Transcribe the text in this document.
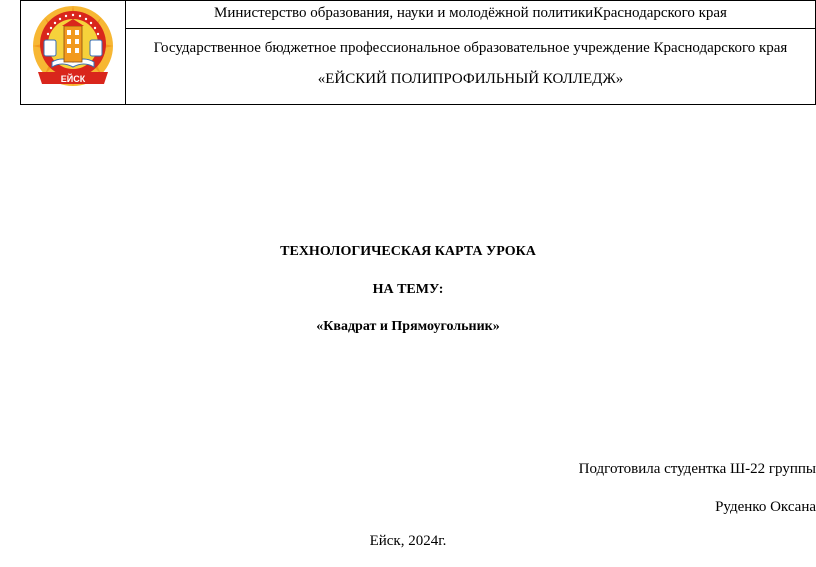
ЕЙСК

Министерство образования, науки и молодёжной политикиКраснодарского края
Государственное бюджетное профессиональное образовательное учреждение Краснодарского края
«ЕЙСКИЙ ПОЛИПРОФИЛЬНЫЙ КОЛЛЕДЖ»
ТЕХНОЛОГИЧЕСКАЯ КАРТА УРОКА
НА ТЕМУ:
«Квадрат и Прямоугольник»
Подготовила студентка Ш-22 группы
Руденко Оксана
Ейск, 2024г.
